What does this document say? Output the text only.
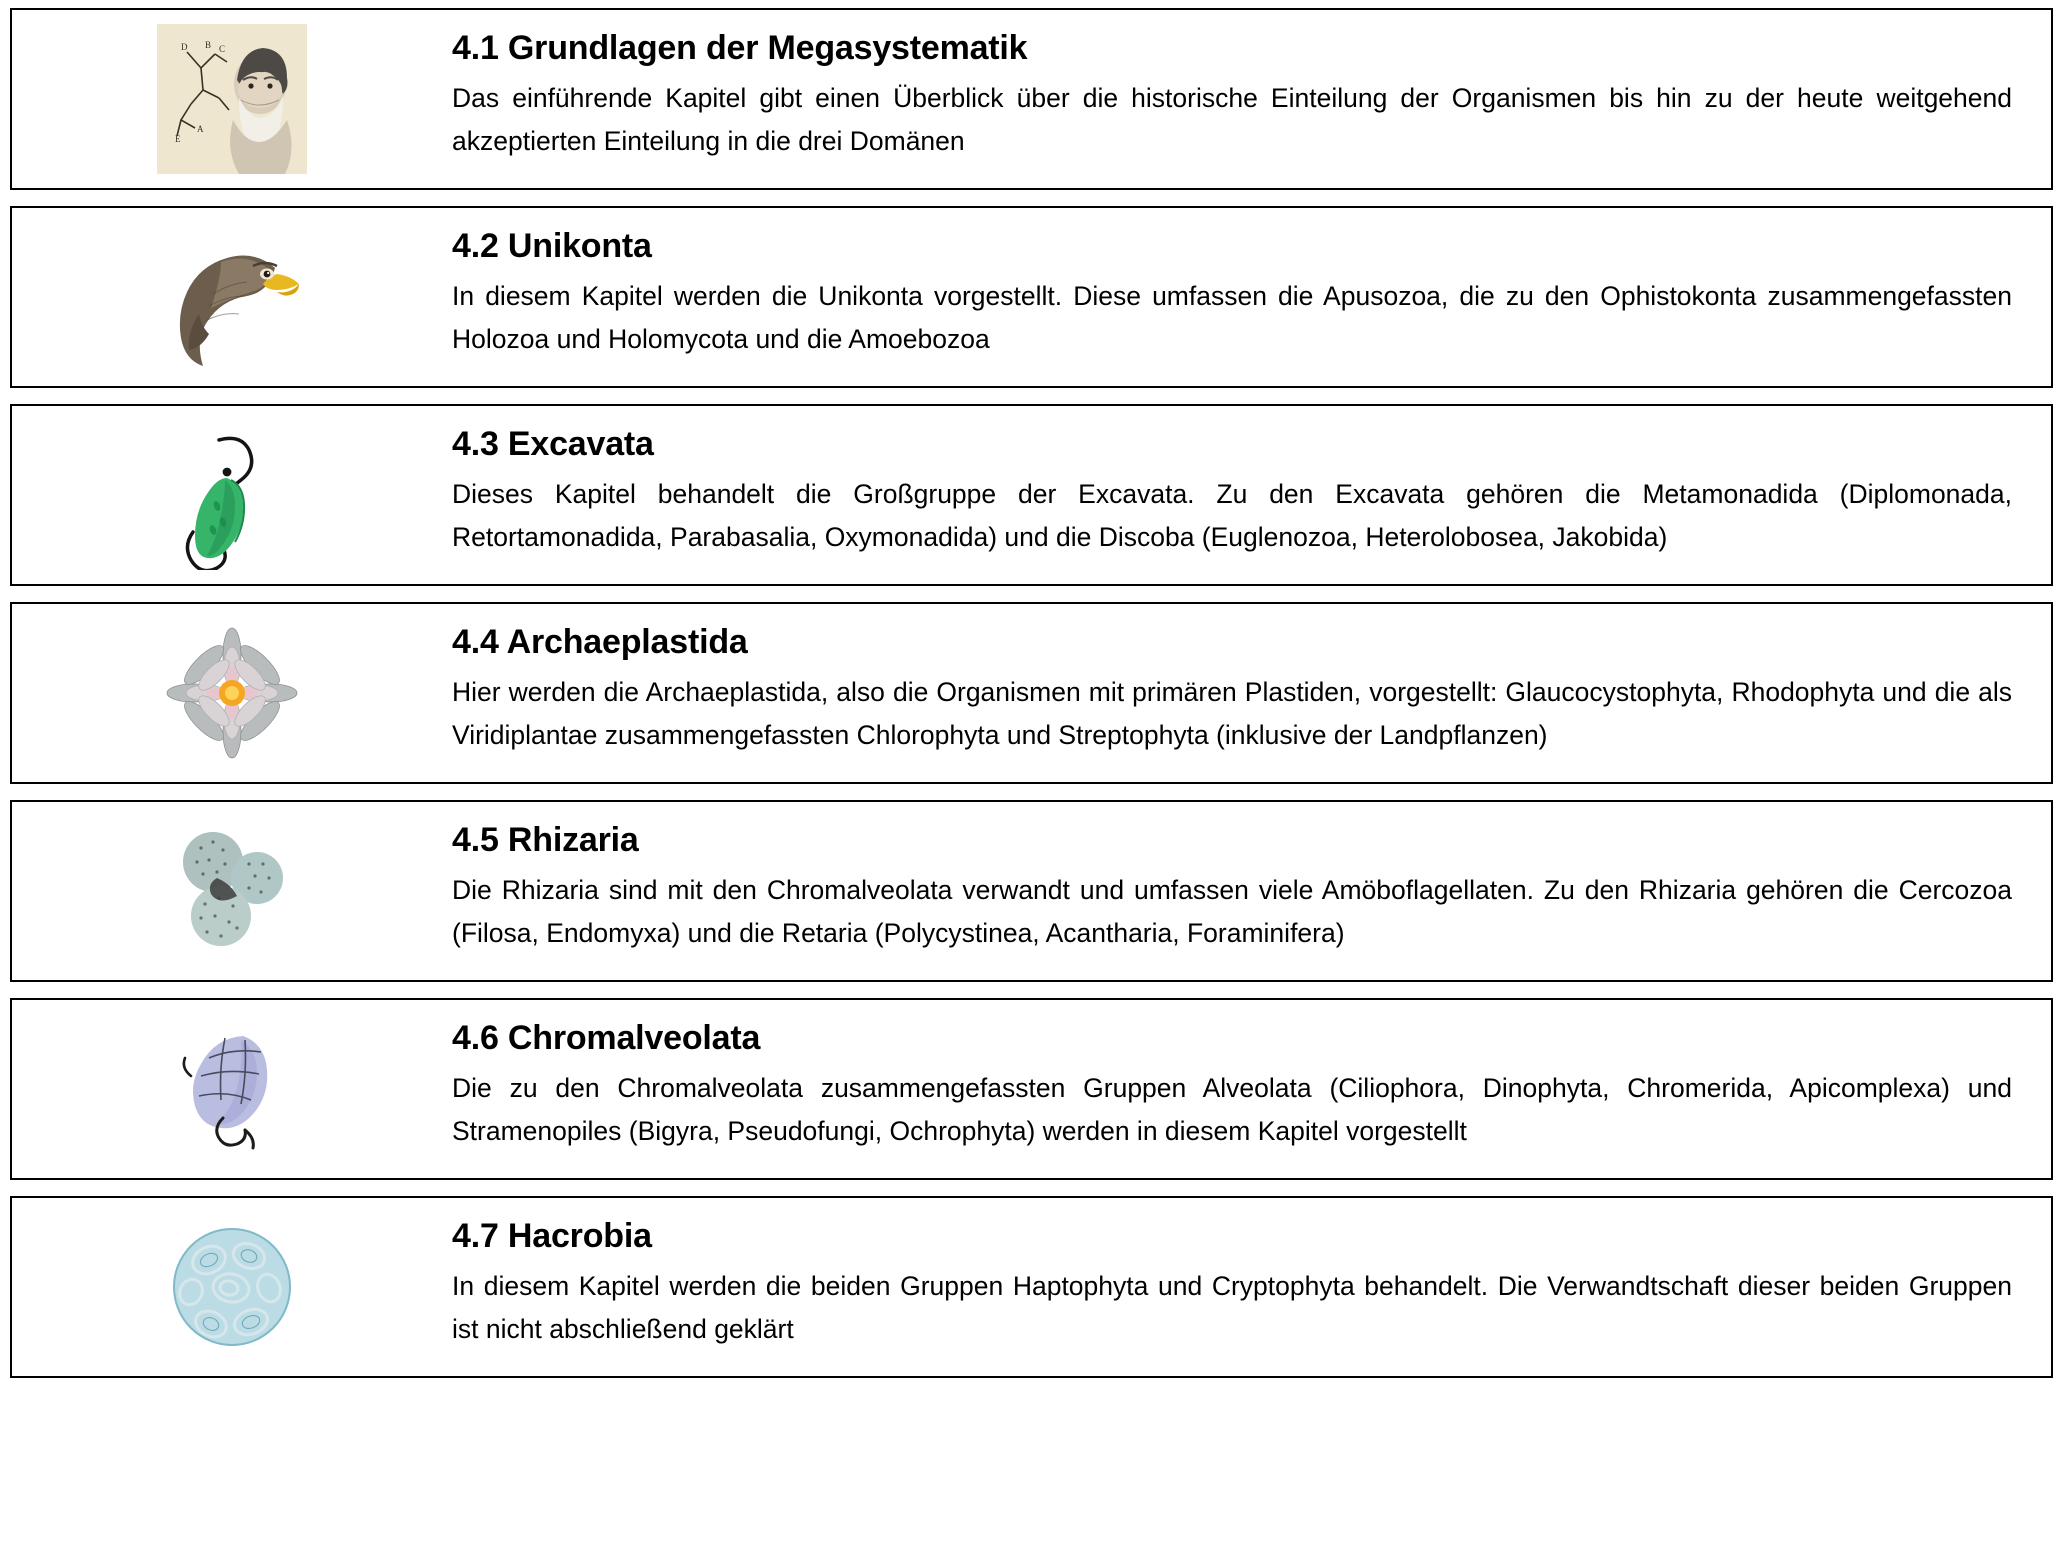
D B C
E
A
4.1 Grundlagen der Megasystematik

Das einführende Kapitel gibt einen Überblick über die historische Einteilung der Organismen bis hin zu der heute weitgehend akzeptierten Einteilung in die drei Domänen

4.2 Unikonta

In diesem Kapitel werden die Unikonta vorgestellt. Diese umfassen die Apusozoa, die zu den Ophistokonta zusammengefassten Holozoa und Holomycota und die Amoebozoa

4.3 Excavata

Dieses Kapitel behandelt die Großgruppe der Excavata. Zu den Excavata gehören die Metamonadida (Diplomonada, Retortamonadida, Parabasalia, Oxymonadida) und die Discoba (Euglenozoa, Heterolobosea, Jakobida)

4.4 Archaeplastida

Hier werden die Archaeplastida, also die Organismen mit primären Plastiden, vorgestellt: Glaucocystophyta, Rhodophyta und die als Viridiplantae zusammengefassten Chlorophyta und Streptophyta (inklusive der Landpflanzen)

4.5 Rhizaria

Die Rhizaria sind mit den Chromalveolata verwandt und umfassen viele Amöboflagellaten. Zu den Rhizaria gehören die Cercozoa (Filosa, Endomyxa) und die Retaria (Polycystinea, Acantharia, Foraminifera)

4.6 Chromalveolata

Die zu den Chromalveolata zusammengefassten Gruppen Alveolata (Ciliophora, Dinophyta, Chromerida, Apicomplexa) und Stramenopiles (Bigyra, Pseudofungi, Ochrophyta) werden in diesem Kapitel vorgestellt

4.7 Hacrobia

In diesem Kapitel werden die beiden Gruppen Haptophyta und Cryptophyta behandelt. Die Verwandtschaft dieser beiden Gruppen ist nicht abschließend geklärt
